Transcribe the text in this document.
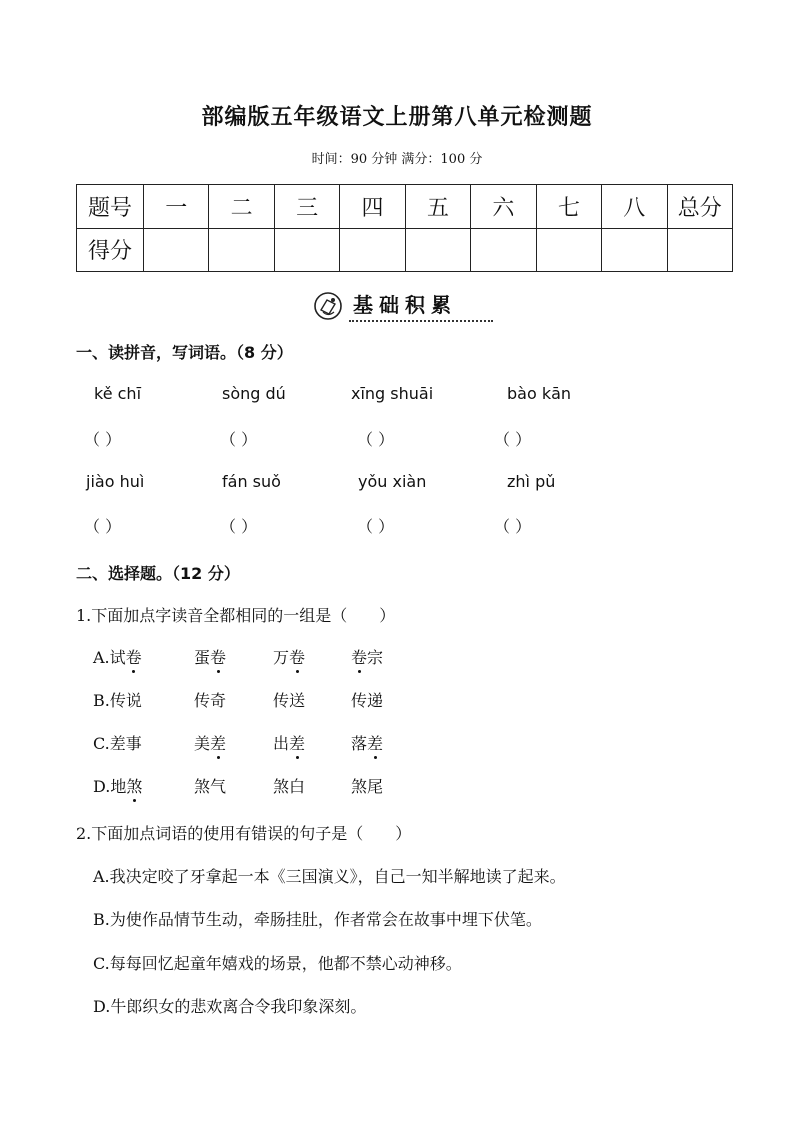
部编版五年级语文上册第八单元检测题
时间：90 分钟 满分：100 分
题号	一	二	三	四	五	六	七	八	总分
得分									
基础积累
一、读拼音，写词语。（8 分）
kě chī	sòng dú	xīng shuāi	bào kān
（ ）	（ ）	（ ）	（ ）
jiào huì	fán suǒ	yǒu xiàn	zhì pǔ
（ ）	（ ）	（ ）	（ ）
二、选择题。（12 分）
1.下面加点字读音全都相同的一组是（　　）
A.试卷	蛋卷	万卷	卷宗
B.传说	传奇	传送	传递
C.差事	美差	出差	落差
D.地煞	煞气	煞白	煞尾
2.下面加点词语的使用有错误的句子是（　　）
A.我决定咬了牙拿起一本《三国演义》，自己一知半解地读了起来。
B.为使作品情节生动，牵肠挂肚，作者常会在故事中埋下伏笔。
C.每每回忆起童年嬉戏的场景，他都不禁心动神移。
D.牛郎织女的悲欢离合令我印象深刻。
